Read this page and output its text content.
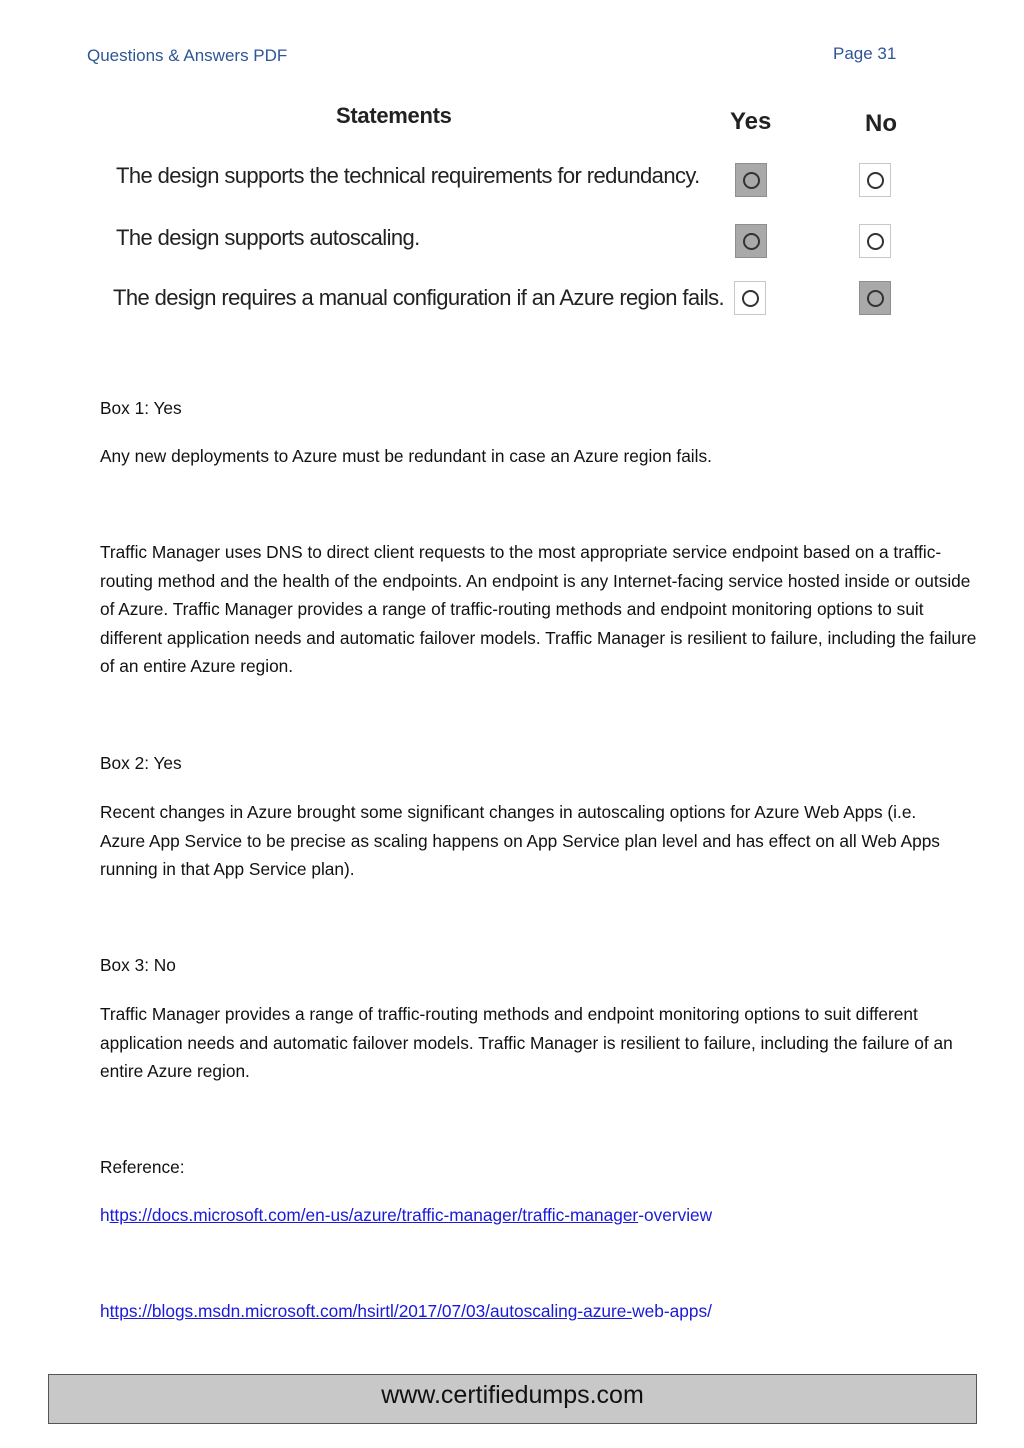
Questions & Answers PDF	Page 31
Statements	Yes	No
The design supports the technical requirements for redundancy.
The design supports autoscaling.
The design requires a manual configuration if an Azure region fails.
Box 1: Yes
Any new deployments to Azure must be redundant in case an Azure region fails.
Traffic Manager uses DNS to direct client requests to the most appropriate service endpoint based on a traffic-routing method and the health of the endpoints. An endpoint is any Internet-facing service hosted inside or outside of Azure. Traffic Manager provides a range of traffic-routing methods and endpoint monitoring options to suit different application needs and automatic failover models. Traffic Manager is resilient to failure, including the failure of an entire Azure region.
Box 2: Yes
Recent changes in Azure brought some significant changes in autoscaling options for Azure Web Apps (i.e. Azure App Service to be precise as scaling happens on App Service plan level and has effect on all Web Apps running in that App Service plan).
Box 3: No
Traffic Manager provides a range of traffic-routing methods and endpoint monitoring options to suit different application needs and automatic failover models. Traffic Manager is resilient to failure, including the failure of an entire Azure region.
Reference:
https://docs.microsoft.com/en-us/azure/traffic-manager/traffic-manager-overview
https://blogs.msdn.microsoft.com/hsirtl/2017/07/03/autoscaling-azure-web-apps/
www.certifiedumps.com
